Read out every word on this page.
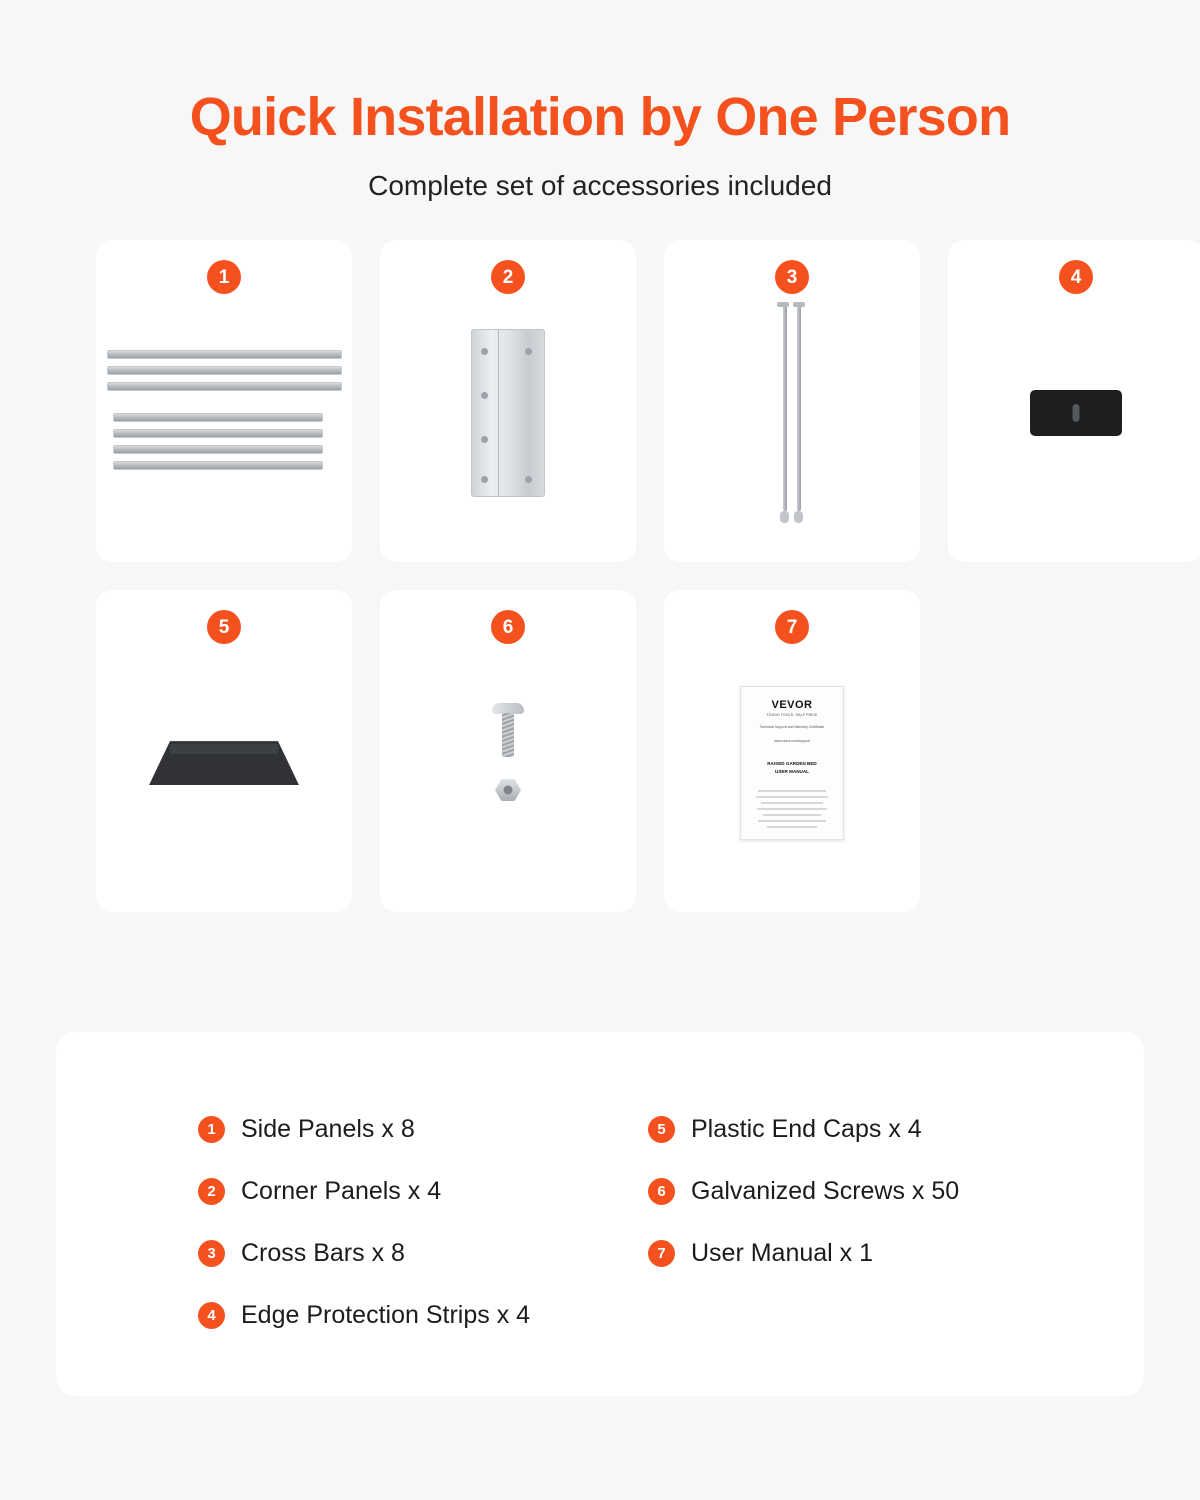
Quick Installation by One Person
Complete set of accessories included
1	2	3	4
5	6	7
VEVOR
TOUGH TOOLS, HALF PRICE
Technical Support and Warranty Certificate
www.vevor.com/support
RAISED GARDEN BED
USER MANUAL
1	Side Panels x 8	5	Plastic End Caps x 4
2	Corner Panels x 4	6	Galvanized Screws x 50
3	Cross Bars x 8	7	User Manual x 1
4	Edge Protection Strips x 4
